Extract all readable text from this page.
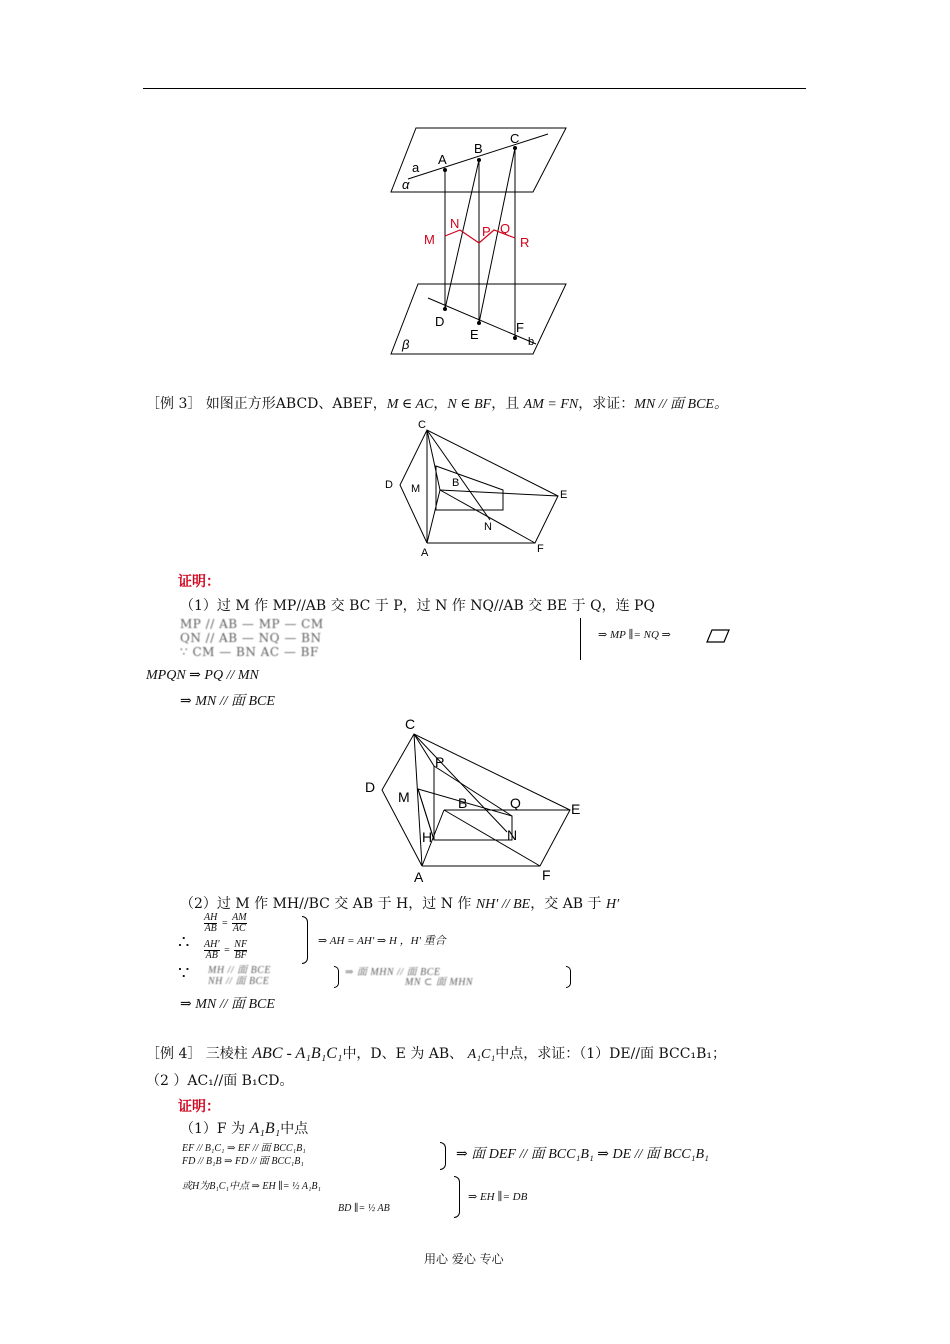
A
B
C
a
α
D
E	F
b
β
M
N
P Q
R
［例 3］ 如图正方形ABCD、ABEF，M ∈ AC，N ∈ BF，且 AM = FN，求证：MN // 面 BCE。
C
D M	B
E
N
A	F
证明：
（1）过 M 作 MP//AB 交 BC 于 P，过 N 作 NQ//AB 交 BE 于 Q，连 PQ
MP // AB — MP — CM
QN // AB — NQ — BN
∵ CM — BN AC — BF
⇒ MP ∥= NQ ⇒
MPQN ⇒ PQ // MN
⇒ MN // 面 BCE
C
D
P
M	B	Q	E
H	N
A	F
（2）过 M 作 MH//BC 交 AB 于 H，过 N 作 NH′ // BE，交 AB 于 H′
∴
$\frac{AH}{AB} = \frac{AM}{AC}$
$\frac{AH'}{AB} = \frac{NF}{BF}$	⇒ AH = AH′ ⇒ H ，H′ 重合
∵ MH // 面 BCE
NH // 面 BCE
⇒ 面 MHN // 面 BCE
MN ⊂ 面 MHN
⇒ MN // 面 BCE
［例 4］ 三棱柱 ABC - A₁B₁C₁中，D、E 为 AB、 A₁C₁中点，求证：（1）DE//面 BCC₁B₁；
（2 ）AC₁//面 B₁CD。
证明：
（1）F 为 A₁B₁中点
EF // B₁C₁ ⇒ EF // 面 BCC₁B₁
FD // B₁B ⇒ FD // 面 BCC₁B₁	⇒ 面 DEF // 面 BCC₁B₁ ⇒ DE // 面 BCC₁B₁
或H为B₁C₁中点 ⇒ EH ∥= ½ A₁B₁
BD ∥= ½ AB
⇒ EH ∥= DB
用心 爱心 专心
